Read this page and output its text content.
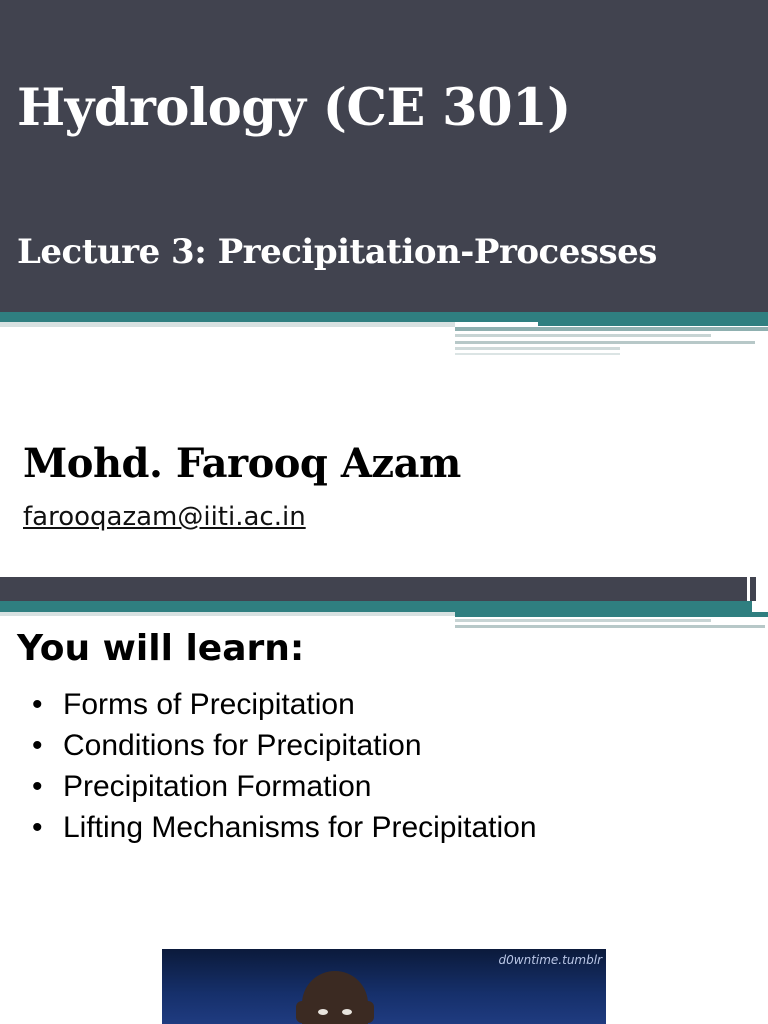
Hydrology (CE 301)
Lecture 3: Precipitation-Processes
Mohd. Farooq Azam
farooqazam@iiti.ac.in
You will learn:
• Forms of Precipitation
• Conditions for Precipitation
• Precipitation Formation
• Lifting Mechanisms for Precipitation
d0wntime.tumblr
